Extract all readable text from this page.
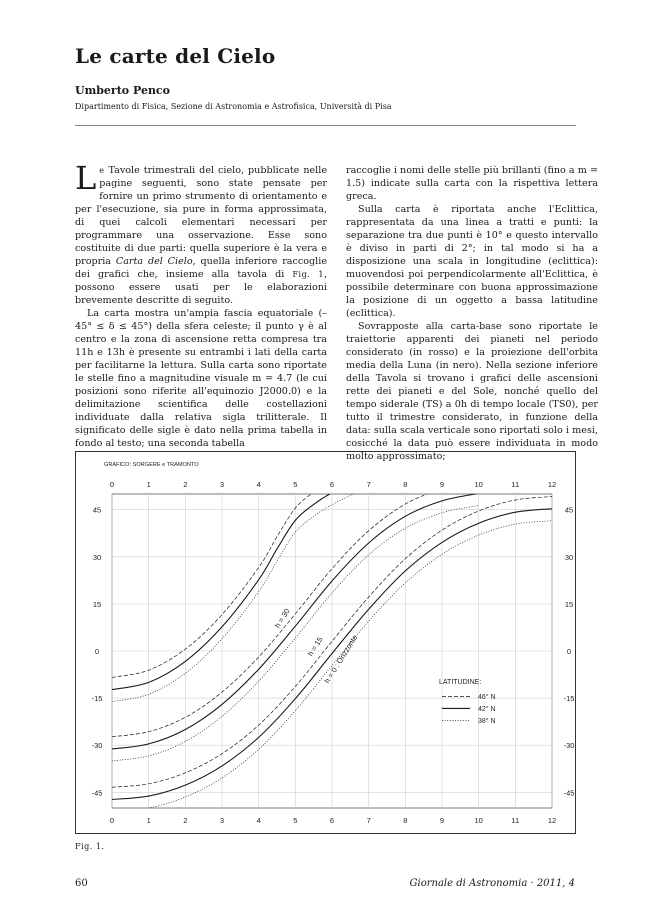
Le carte del Cielo
Umberto Penco
Dipartimento di Fisica, Sezione di Astronomia e Astrofisica, Università di Pisa

Le Tavole trimestrali del cielo, pubblicate nelle pagine seguenti, sono state pensate per fornire un primo strumento di orientamento e per l'esecuzione, sia pure in forma approssimata, di quei calcoli elementari necessari per programmare una osservazione. Esse sono costituite di due parti: quella superiore è la vera e propria Carta del Cielo, quella inferiore raccoglie dei grafici che, insieme alla tavola di Fig. 1, possono essere usati per le elaborazioni brevemente descritte di seguito.

La carta mostra un'ampia fascia equatoriale (–45° ≤ δ ≤ 45°) della sfera celeste; il punto γ è al centro e la zona di ascensione retta compresa tra 11h e 13h è presente su entrambi i lati della carta per facilitarne la lettura. Sulla carta sono riportate le stelle fino a magnitudine visuale m = 4.7 (le cui posizioni sono riferite all'equinozio J2000.0) e la delimitazione scientifica delle costellazioni individuate dalla relativa sigla trilitterale. Il significato delle sigle è dato nella prima tabella in fondo al testo; una seconda tabella

raccoglie i nomi delle stelle più brillanti (fino a m = 1.5) indicate sulla carta con la rispettiva lettera greca.

Sulla carta è riportata anche l'Eclittica, rappresentata da una linea a tratti e punti: la separazione tra due punti è 10° e questo intervallo è diviso in parti di 2°; in tal modo si ha a disposizione una scala in longitudine (eclittica): muovendosi poi perpendicolarmente all'Eclittica, è possibile determinare con buona approssimazione la posizione di un oggetto a bassa latitudine (eclittica).

Sovrapposte alla carta-base sono riportate le traiettorie apparenti dei pianeti nel periodo considerato (in rosso) e la proiezione dell'orbita media della Luna (in nero). Nella sezione inferiore della Tavola si trovano i grafici delle ascensioni rette dei pianeti e del Sole, nonché quello del tempo siderale (TS) a 0h di tempo locale (TS0), per tutto il trimestre considerato, in funzione della data: sulla scala verticale sono riportati solo i mesi, cosicché la data può essere individuata in modo molto approssimato;

GRAFICO: SORGERE e TRAMONTO
0
0
1
1
2
2
3
3
4
4
5
5
6
6
7
7
8
8
9
9
10
10
11
11
12
12
45	45
30	30
15	15
0	0
-15	-15
-30	-30
-45	-45
h = 30
h = 15
h = 0 : Orizzonte	LATITUDINE:
46° N
42° N
38° N
Fig. 1.
60	Giornale di Astronomia · 2011, 4
